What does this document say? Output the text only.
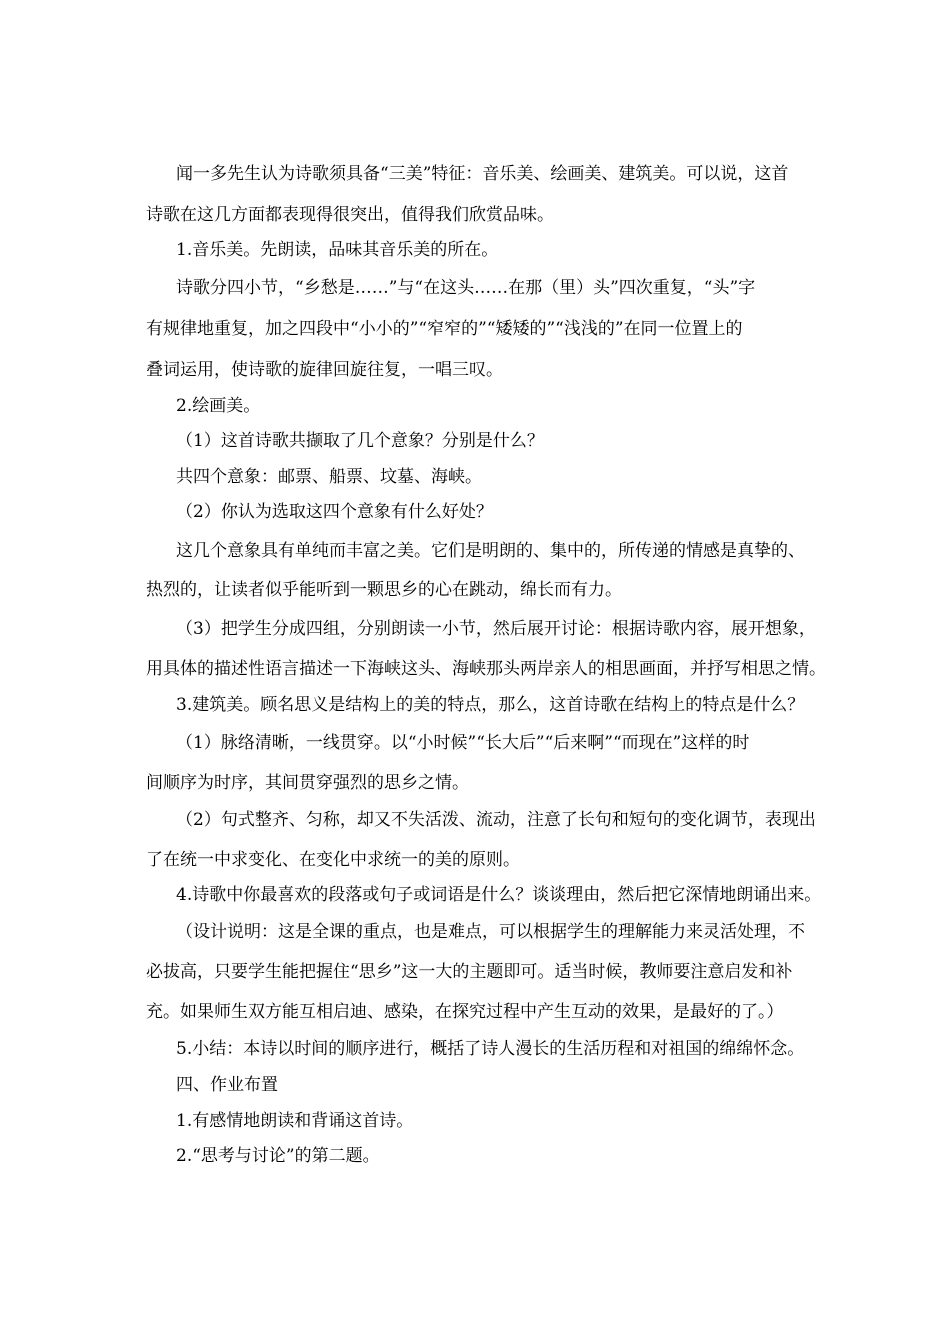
闻一多先生认为诗歌须具备“三美”特征：音乐美、绘画美、建筑美。可以说，这首
诗歌在这几方面都表现得很突出，值得我们欣赏品味。
1.音乐美。先朗读，品味其音乐美的所在。
诗歌分四小节，“乡愁是……”与“在这头……在那（里）头”四次重复，“头”字
有规律地重复，加之四段中“小小的”“窄窄的”“矮矮的”“浅浅的”在同一位置上的
叠词运用，使诗歌的旋律回旋往复，一唱三叹。
2.绘画美。
（1）这首诗歌共撷取了几个意象？分别是什么？
共四个意象：邮票、船票、坟墓、海峡。
（2）你认为选取这四个意象有什么好处？
这几个意象具有单纯而丰富之美。它们是明朗的、集中的，所传递的情感是真挚的、
热烈的，让读者似乎能听到一颗思乡的心在跳动，绵长而有力。
（3）把学生分成四组，分别朗读一小节，然后展开讨论：根据诗歌内容，展开想象，
用具体的描述性语言描述一下海峡这头、海峡那头两岸亲人的相思画面，并抒写相思之情。
3.建筑美。顾名思义是结构上的美的特点，那么，这首诗歌在结构上的特点是什么？
（1）脉络清晰，一线贯穿。以“小时候”“长大后”“后来啊”“而现在”这样的时
间顺序为时序，其间贯穿强烈的思乡之情。
（2）句式整齐、匀称，却又不失活泼、流动，注意了长句和短句的变化调节，表现出
了在统一中求变化、在变化中求统一的美的原则。
4.诗歌中你最喜欢的段落或句子或词语是什么？谈谈理由，然后把它深情地朗诵出来。
（设计说明：这是全课的重点，也是难点，可以根据学生的理解能力来灵活处理，不
必拔高，只要学生能把握住“思乡”这一大的主题即可。适当时候，教师要注意启发和补
充。如果师生双方能互相启迪、感染，在探究过程中产生互动的效果，是最好的了。）
5.小结：本诗以时间的顺序进行，概括了诗人漫长的生活历程和对祖国的绵绵怀念。
四、作业布置
1.有感情地朗读和背诵这首诗。
2.“思考与讨论”的第二题。
